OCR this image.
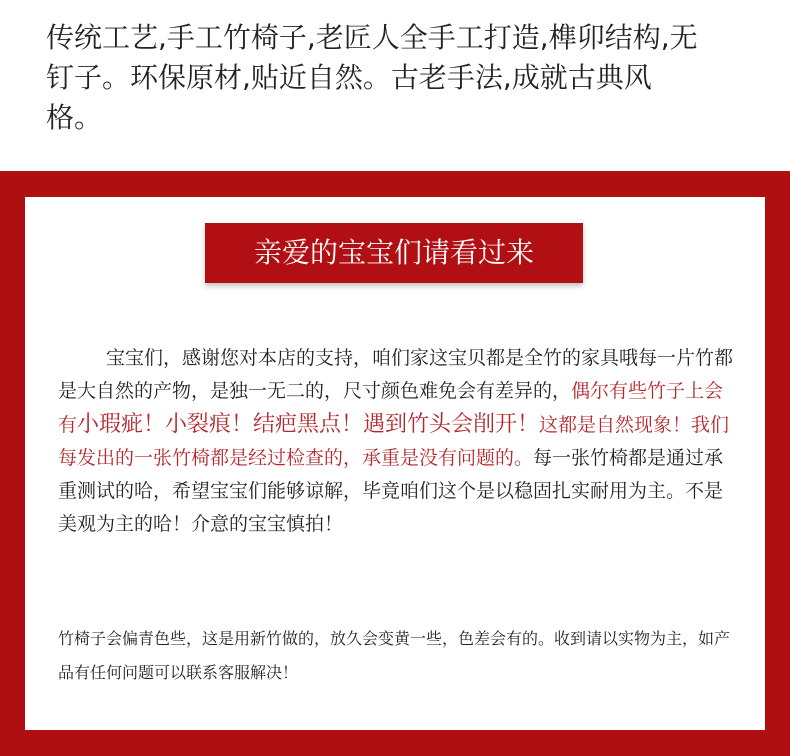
传统工艺,手工竹椅子,老匠人全手工打造,榫卯结构,无
钉子。环保原材,贴近自然。古老手法,成就古典风
格。
亲爱的宝宝们请看过来
宝宝们，感谢您对本店的支持，咱们家这宝贝都是全竹的家具哦每一片竹都是大自然的产物，是独一无二的，尺寸颜色难免会有差异的，偶尔有些竹子上会有小瑕疵！小裂痕！结疤黑点！遇到竹头会削开！这都是自然现象！我们每发出的一张竹椅都是经过检查的，承重是没有问题的。每一张竹椅都是通过承重测试的哈，希望宝宝们能够谅解，毕竟咱们这个是以稳固扎实耐用为主。不是美观为主的哈！介意的宝宝慎拍！
竹椅子会偏青色些，这是用新竹做的，放久会变黄一些，色差会有的。收到请以实物为主，如产品有任何问题可以联系客服解决！
